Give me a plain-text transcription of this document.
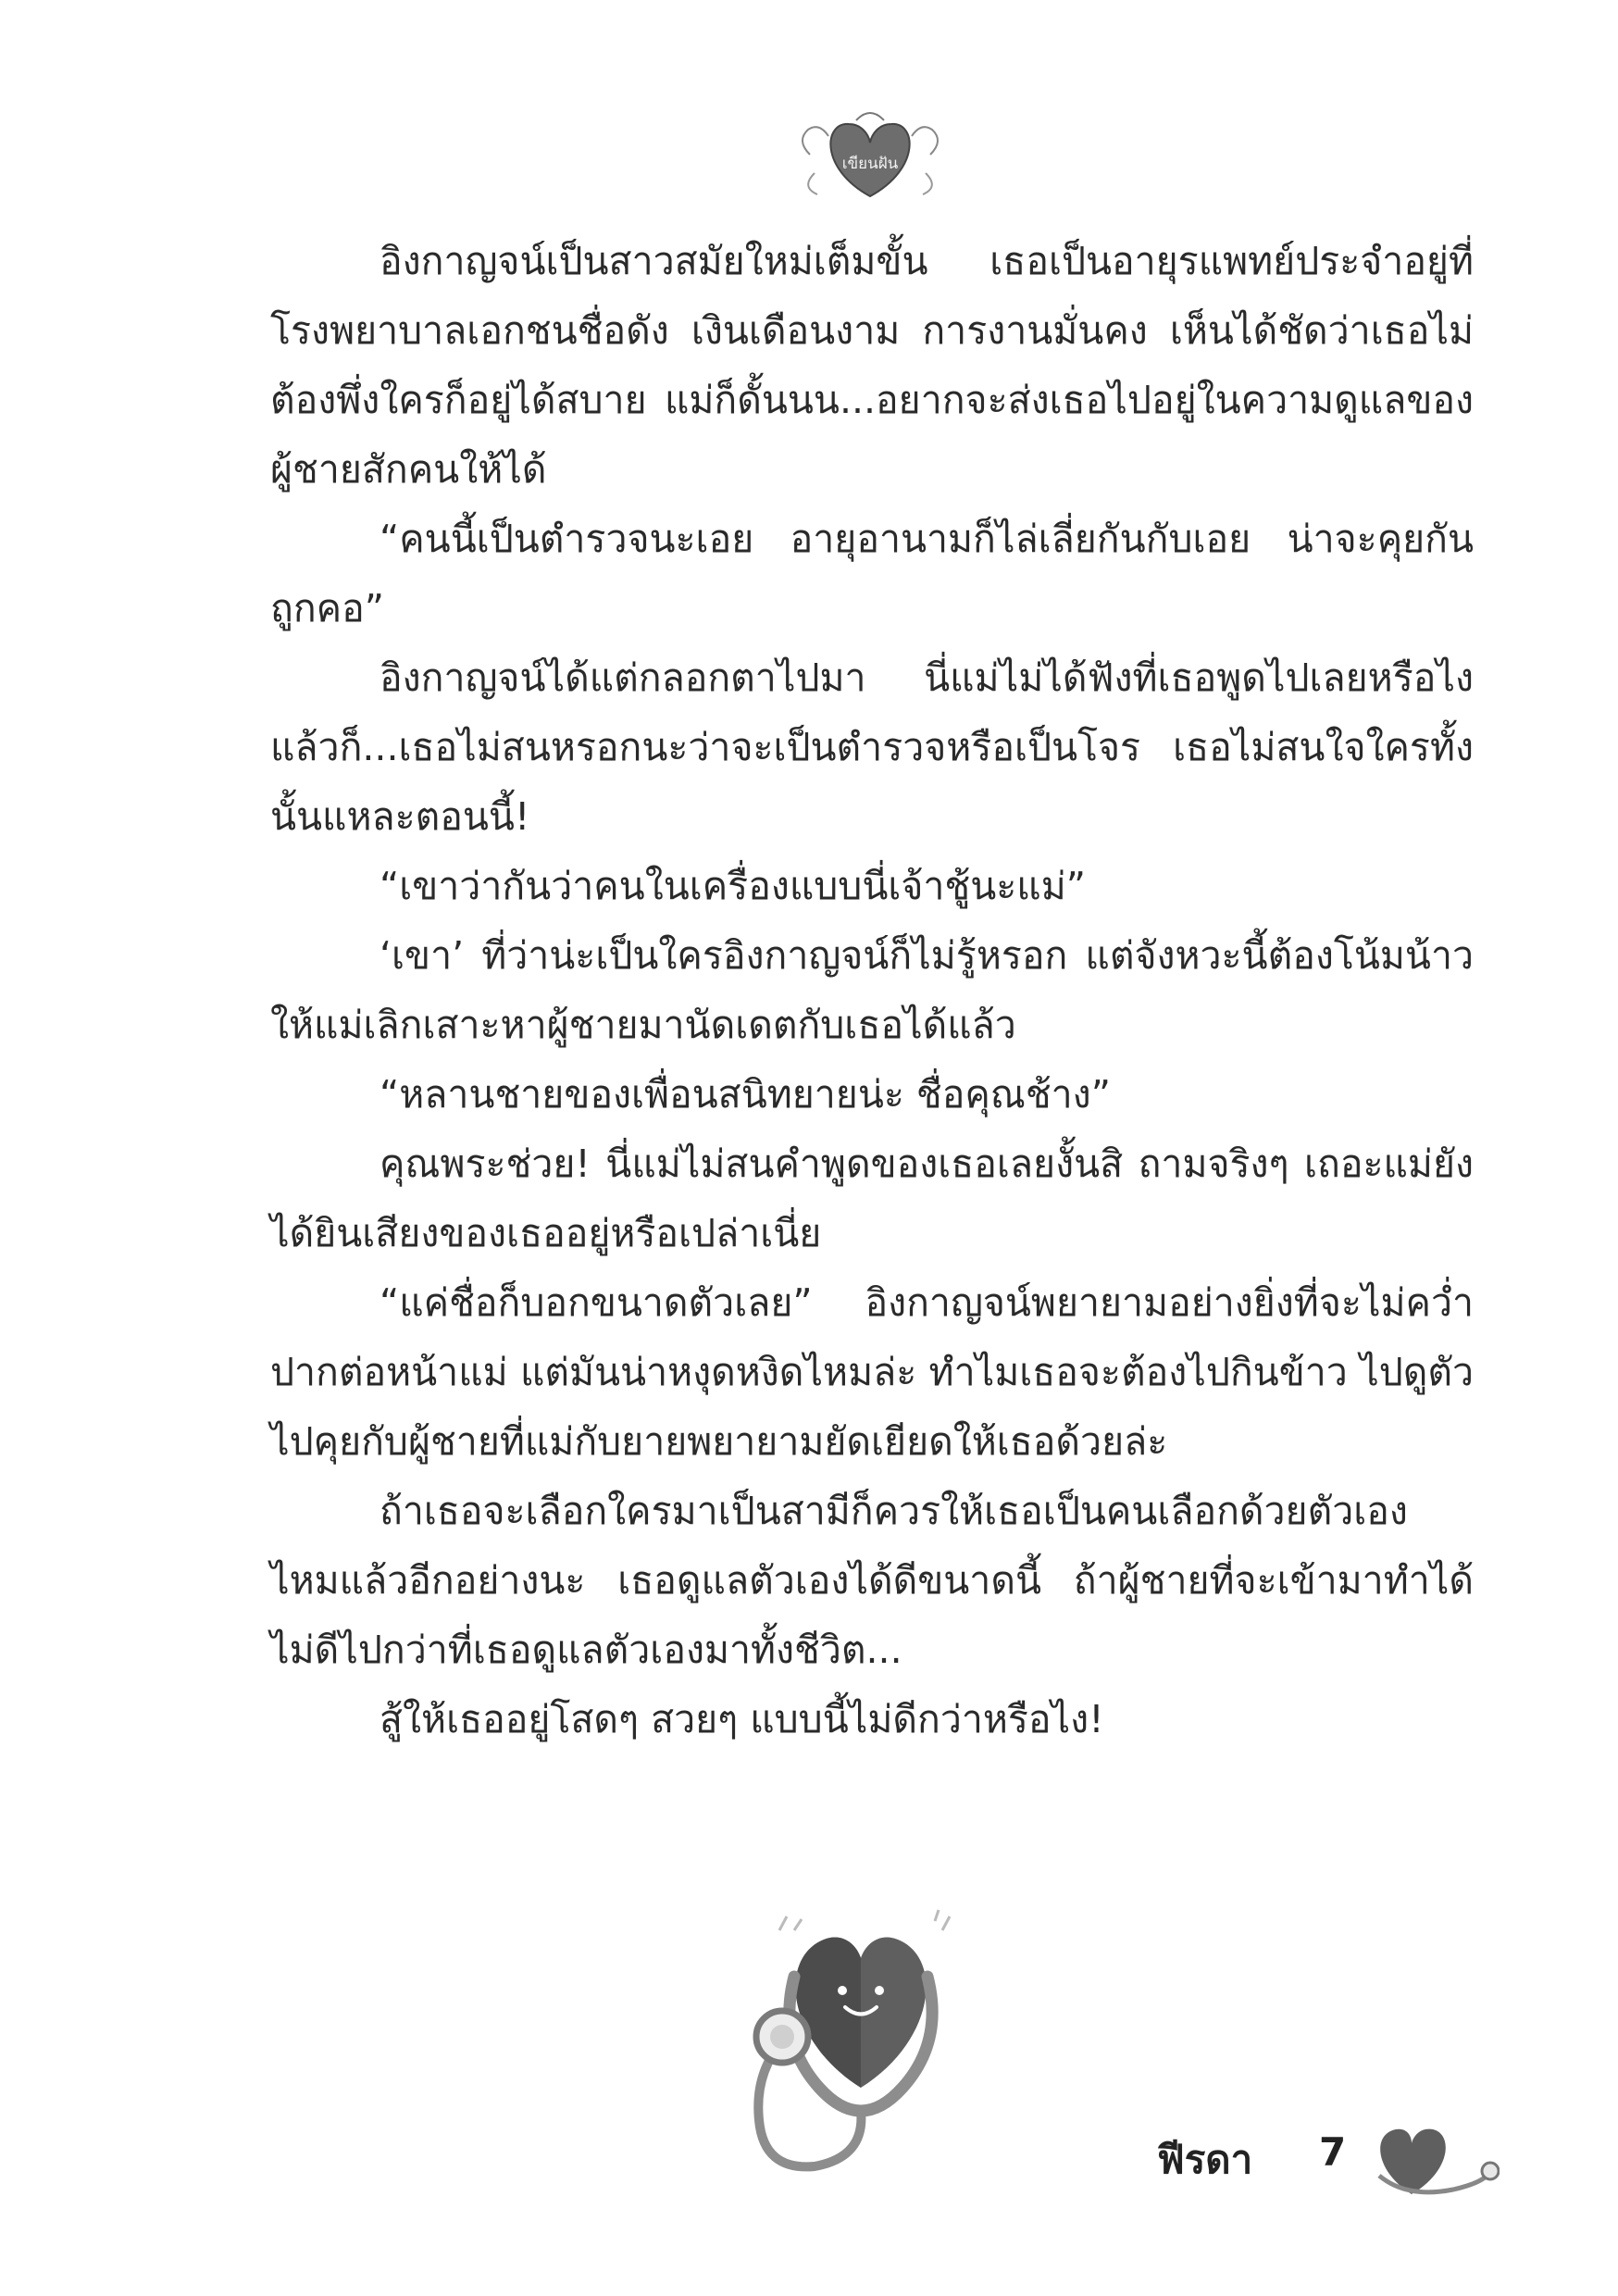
เขียนฝัน

อิงกาญจน์เป็นสาวสมัยใหม่เต็มขั้น เธอเป็นอายุรแพทย์ประจำอยู่ที่โรงพยาบาลเอกชนชื่อดัง เงินเดือนงาม การงานมั่นคง เห็นได้ชัดว่าเธอไม่ต้องพึ่งใครก็อยู่ได้สบาย แม่ก็ดั้นนน...อยากจะส่งเธอไปอยู่ในความดูแลของผู้ชายสักคนให้ได้

“คนนี้เป็นตำรวจนะเอย อายุอานามก็ไล่เลี่ยกันกับเอย น่าจะคุยกันถูกคอ”

อิงกาญจน์ได้แต่กลอกตาไปมา นี่แม่ไม่ได้ฟังที่เธอพูดไปเลยหรือไง แล้วก็...เธอไม่สนหรอกนะว่าจะเป็นตำรวจหรือเป็นโจร เธอไม่สนใจใครทั้งนั้นแหละตอนนี้!

“เขาว่ากันว่าคนในเครื่องแบบนี่เจ้าชู้นะแม่”

‘เขา’ ที่ว่าน่ะเป็นใครอิงกาญจน์ก็ไม่รู้หรอก แต่จังหวะนี้ต้องโน้มน้าวให้แม่เลิกเสาะหาผู้ชายมานัดเดตกับเธอได้แล้ว

“หลานชายของเพื่อนสนิทยายน่ะ ชื่อคุณช้าง”

คุณพระช่วย! นี่แม่ไม่สนคำพูดของเธอเลยงั้นสิ ถามจริงๆ เถอะแม่ยังได้ยินเสียงของเธออยู่หรือเปล่าเนี่ย

“แค่ชื่อก็บอกขนาดตัวเลย” อิงกาญจน์พยายามอย่างยิ่งที่จะไม่คว่ำปากต่อหน้าแม่ แต่มันน่าหงุดหงิดไหมล่ะ ทำไมเธอจะต้องไปกินข้าว ไปดูตัว ไปคุยกับผู้ชายที่แม่กับยายพยายามยัดเยียดให้เธอด้วยล่ะ

ถ้าเธอจะเลือกใครมาเป็นสามีก็ควรให้เธอเป็นคนเลือกด้วยตัวเองไหมแล้วอีกอย่างนะ เธอดูแลตัวเองได้ดีขนาดนี้ ถ้าผู้ชายที่จะเข้ามาทำได้ไม่ดีไปกว่าที่เธอดูแลตัวเองมาทั้งชีวิต...

สู้ให้เธออยู่โสดๆ สวยๆ แบบนี้ไม่ดีกว่าหรือไง!

ฟีรดา 7
